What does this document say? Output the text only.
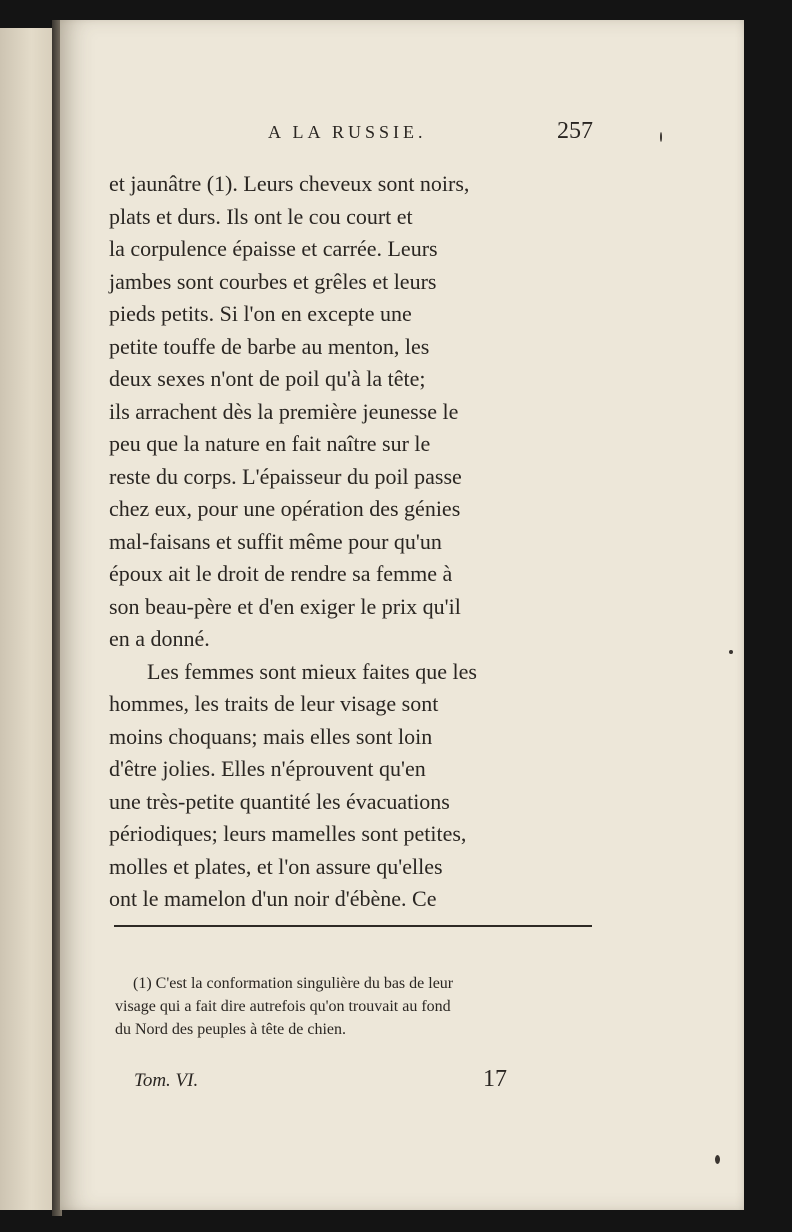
A LA RUSSIE.	257
et jaunâtre (1). Leurs cheveux sont noirs,
plats et durs. Ils ont le cou court et
la corpulence épaisse et carrée. Leurs
jambes sont courbes et grêles et leurs
pieds petits. Si l'on en excepte une
petite touffe de barbe au menton, les
deux sexes n'ont de poil qu'à la tête;
ils arrachent dès la première jeunesse le
peu que la nature en fait naître sur le
reste du corps. L'épaisseur du poil passe
chez eux, pour une opération des génies
mal-faisans et suffit même pour qu'un
époux ait le droit de rendre sa femme à
son beau-père et d'en exiger le prix qu'il
en a donné.
Les femmes sont mieux faites que les
hommes, les traits de leur visage sont
moins choquans; mais elles sont loin
d'être jolies. Elles n'éprouvent qu'en
une très-petite quantité les évacuations
périodiques; leurs mamelles sont petites,
molles et plates, et l'on assure qu'elles
ont le mamelon d'un noir d'ébène. Ce
(1) C'est la conformation singulière du bas de leur
visage qui a fait dire autrefois qu'on trouvait au fond
du Nord des peuples à tête de chien.
Tom. VI.	17
